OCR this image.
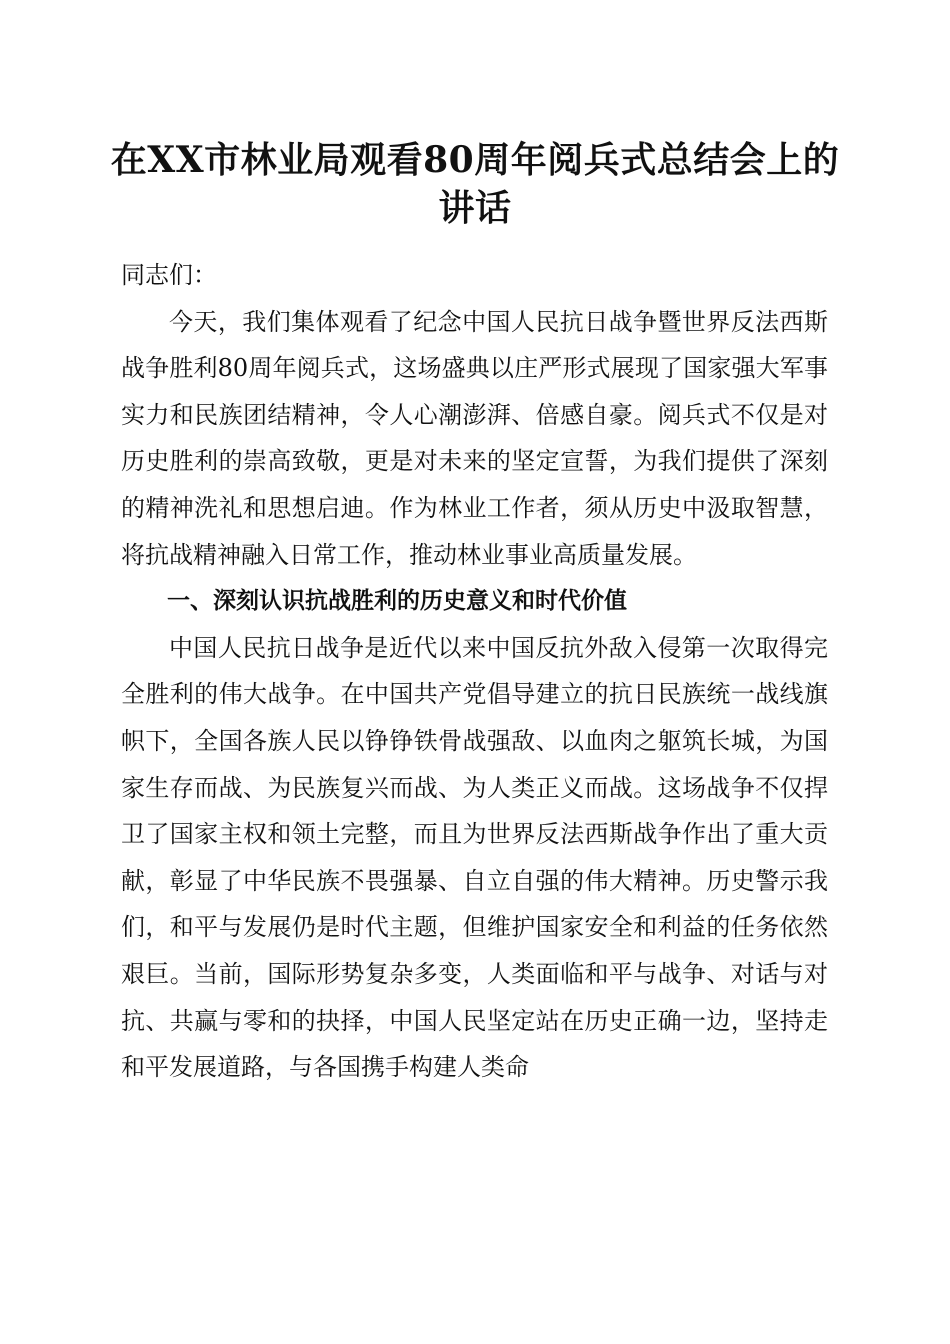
在XX市林业局观看80周年阅兵式总结会上的讲话

同志们：

今天，我们集体观看了纪念中国人民抗日战争暨世界反法西斯战争胜利80周年阅兵式，这场盛典以庄严形式展现了国家强大军事实力和民族团结精神，令人心潮澎湃、倍感自豪。阅兵式不仅是对历史胜利的崇高致敬，更是对未来的坚定宣誓，为我们提供了深刻的精神洗礼和思想启迪。作为林业工作者，须从历史中汲取智慧，将抗战精神融入日常工作，推动林业事业高质量发展。

一、深刻认识抗战胜利的历史意义和时代价值

中国人民抗日战争是近代以来中国反抗外敌入侵第一次取得完全胜利的伟大战争。在中国共产党倡导建立的抗日民族统一战线旗帜下，全国各族人民以铮铮铁骨战强敌、以血肉之躯筑长城，为国家生存而战、为民族复兴而战、为人类正义而战。这场战争不仅捍卫了国家主权和领土完整，而且为世界反法西斯战争作出了重大贡献，彰显了中华民族不畏强暴、自立自强的伟大精神。历史警示我们，和平与发展仍是时代主题，但维护国家安全和利益的任务依然艰巨。当前，国际形势复杂多变，人类面临和平与战争、对话与对抗、共赢与零和的抉择，中国人民坚定站在历史正确一边，坚持走和平发展道路，与各国携手构建人类命
